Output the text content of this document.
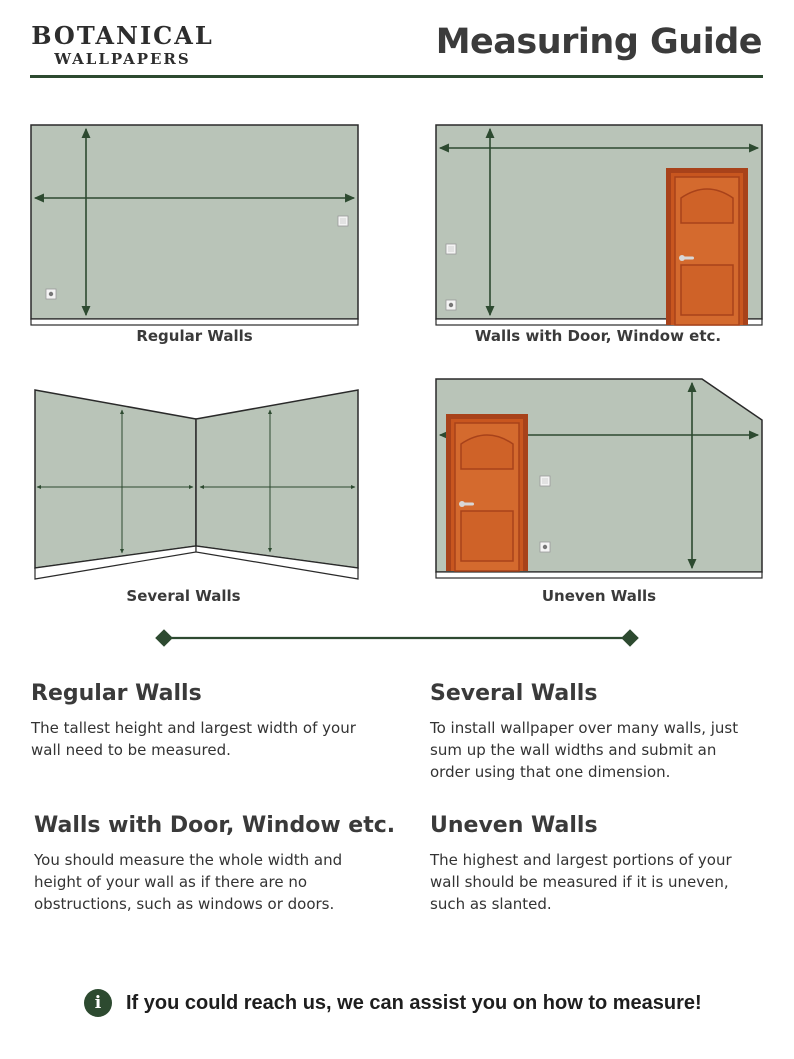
BOTANICAL
WALLPAPERS	Measuring Guide
Regular Walls	Walls with Door, Window etc.
Several Walls	Uneven Walls
Regular Walls
The tallest height and largest width of your wall need to be measured.
Several Walls
To install wallpaper over many walls, just sum up the wall widths and submit an order using that one dimension.
Walls with Door, Window etc.
You should measure the whole width and height of your wall as if there are no obstructions, such as windows or doors.
Uneven Walls
The highest and largest portions of your wall should be measured if it is uneven, such as slanted.
i	If you could reach us, we can assist you on how to measure!
